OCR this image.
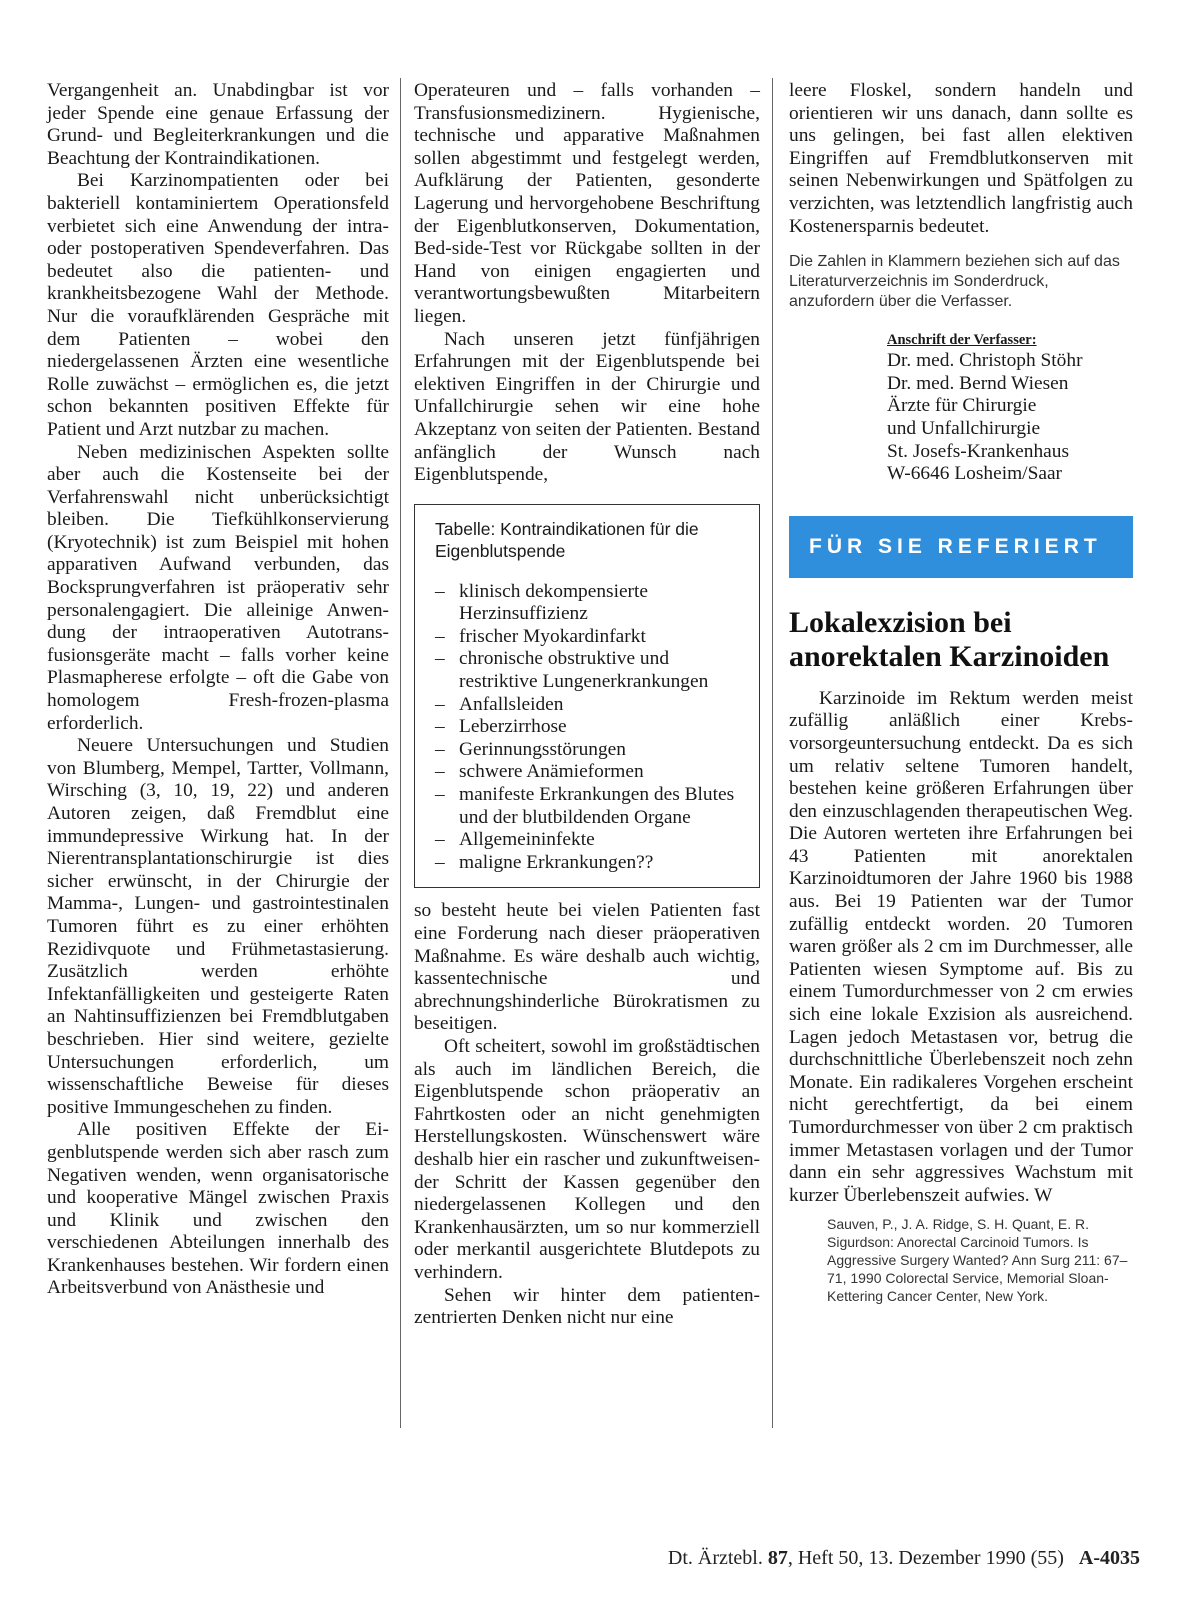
Vergangenheit an. Unabdingbar ist vor jeder Spende eine genaue Erfassung der Grund- und Begleiterkrankungen und die Beachtung der Kontraindikationen.

Bei Karzinompatienten oder bei bakteriell kontaminiertem Operationsfeld verbietet sich eine Anwendung der intra- oder postoperativen Spendeverfahren. Das bedeutet also die patienten- und krankheitsbezogene Wahl der Methode. Nur die voraufklärenden Gespräche mit dem Patienten – wobei den niedergelassenen Ärzten eine wesentliche Rolle zuwächst – ermöglichen es, die jetzt schon bekannten positiven Effekte für Patient und Arzt nutzbar zu machen.

Neben medizinischen Aspekten sollte aber auch die Kostenseite bei der Verfahrenswahl nicht unberücksichtigt bleiben. Die Tiefkühlkonservierung (Kryotechnik) ist zum Beispiel mit hohen apparativen Aufwand verbunden, das Bocksprungverfahren ist präoperativ sehr personalengagiert. Die alleinige Anwendung der intraoperativen Autotransfusionsgeräte macht – falls vorher keine Plasmapherese erfolgte – oft die Gabe von homologem Fresh-frozen-plasma erforderlich.

Neuere Untersuchungen und Studien von Blumberg, Mempel, Tartter, Vollmann, Wirsching (3, 10, 19, 22) und anderen Autoren zeigen, daß Fremdblut eine immundepressive Wirkung hat. In der Nierentransplantationschirurgie ist dies sicher erwünscht, in der Chirurgie der Mamma-, Lungen- und gastrointestinalen Tumoren führt es zu einer erhöhten Rezidivquote und Frühmetastasierung. Zusätzlich werden erhöhte Infektanfälligkeiten und gesteigerte Raten an Nahtinsuffizienzen bei Fremdblutgaben beschrieben. Hier sind weitere, gezielte Untersuchungen erforderlich, um wissenschaftliche Beweise für dieses positive Immungeschehen zu finden.

Alle positiven Effekte der Eigenblutspende werden sich aber rasch zum Negativen wenden, wenn organisatorische und kooperative Mängel zwischen Praxis und Klinik und zwischen den verschiedenen Abteilungen innerhalb des Krankenhauses bestehen. Wir fordern einen Arbeitsverbund von Anästhesie und

Operateuren und – falls vorhanden – Transfusionsmedizinern. Hygienische, technische und apparative Maßnahmen sollen abgestimmt und festgelegt werden, Aufklärung der Patienten, gesonderte Lagerung und hervorgehobene Beschriftung der Eigenblutkonserven, Dokumentation, Bed-side-Test vor Rückgabe sollten in der Hand von einigen engagierten und verantwortungsbewußten Mitarbeitern liegen.

Nach unseren jetzt fünfjährigen Erfahrungen mit der Eigenblutspende bei elektiven Eingriffen in der Chirurgie und Unfallchirurgie sehen wir eine hohe Akzeptanz von seiten der Patienten. Bestand anfänglich der Wunsch nach Eigenblutspende,

Tabelle: Kontraindikationen für die Eigenblutspende
– klinisch dekompensierte Herzinsuffizienz
– frischer Myokardinfarkt
– chronische obstruktive und restriktive Lungenerkrankungen
– Anfallsleiden
– Leberzirrhose
– Gerinnungsstörungen
– schwere Anämieformen
– manifeste Erkrankungen des Blutes und der blutbildenden Organe
– Allgemeininfekte
– maligne Erkrankungen??

so besteht heute bei vielen Patienten fast eine Forderung nach dieser präoperativen Maßnahme. Es wäre deshalb auch wichtig, kassentechnische und abrechnungshinderliche Bürokratismen zu beseitigen.

Oft scheitert, sowohl im großstädtischen als auch im ländlichen Bereich, die Eigenblutspende schon präoperativ an Fahrtkosten oder an nicht genehmigten Herstellungskosten. Wünschenswert wäre deshalb hier ein rascher und zukunftweisender Schritt der Kassen gegenüber den niedergelassenen Kollegen und den Krankenhausärzten, um so nur kommerziell oder merkantil ausgerichtete Blutdepots zu verhindern.

Sehen wir hinter dem patientenzentrierten Denken nicht nur eine

leere Floskel, sondern handeln und orientieren wir uns danach, dann sollte es uns gelingen, bei fast allen elektiven Eingriffen auf Fremdblutkonserven mit seinen Nebenwirkungen und Spätfolgen zu verzichten, was letztendlich langfristig auch Kostenersparnis bedeutet.

Die Zahlen in Klammern beziehen sich auf das Literaturverzeichnis im Sonderdruck, anzufordern über die Verfasser.

Anschrift der Verfasser:
Dr. med. Christoph Stöhr
Dr. med. Bernd Wiesen
Ärzte für Chirurgie
und Unfallchirurgie
St. Josefs-Krankenhaus
W-6646 Losheim/Saar
FÜR SIE REFERIERT
Lokalexzision bei anorektalen Karzinoiden

Karzinoide im Rektum werden meist zufällig anläßlich einer Krebsvorsorgeuntersuchung entdeckt. Da es sich um relativ seltene Tumoren handelt, bestehen keine größeren Erfahrungen über den einzuschlagenden therapeutischen Weg. Die Autoren werteten ihre Erfahrungen bei 43 Patienten mit anorektalen Karzinoidtumoren der Jahre 1960 bis 1988 aus. Bei 19 Patienten war der Tumor zufällig entdeckt worden. 20 Tumoren waren größer als 2 cm im Durchmesser, alle Patienten wiesen Symptome auf. Bis zu einem Tumordurchmesser von 2 cm erwies sich eine lokale Exzision als ausreichend. Lagen jedoch Metastasen vor, betrug die durchschnittliche Überlebenszeit noch zehn Monate. Ein radikaleres Vorgehen erscheint nicht gerechtfertigt, da bei einem Tumordurchmesser von über 2 cm praktisch immer Metastasen vorlagen und der Tumor dann ein sehr aggressives Wachstum mit kurzer Überlebenszeit aufwies. W

Sauven, P., J. A. Ridge, S. H. Quant, E. R. Sigurdson: Anorectal Carcinoid Tumors. Is Aggressive Surgery Wanted? Ann Surg 211: 67–71, 1990 Colorectal Service, Memorial Sloan-Kettering Cancer Center, New York.

Dt. Ärztebl. 87, Heft 50, 13. Dezember 1990 (55) A-4035
